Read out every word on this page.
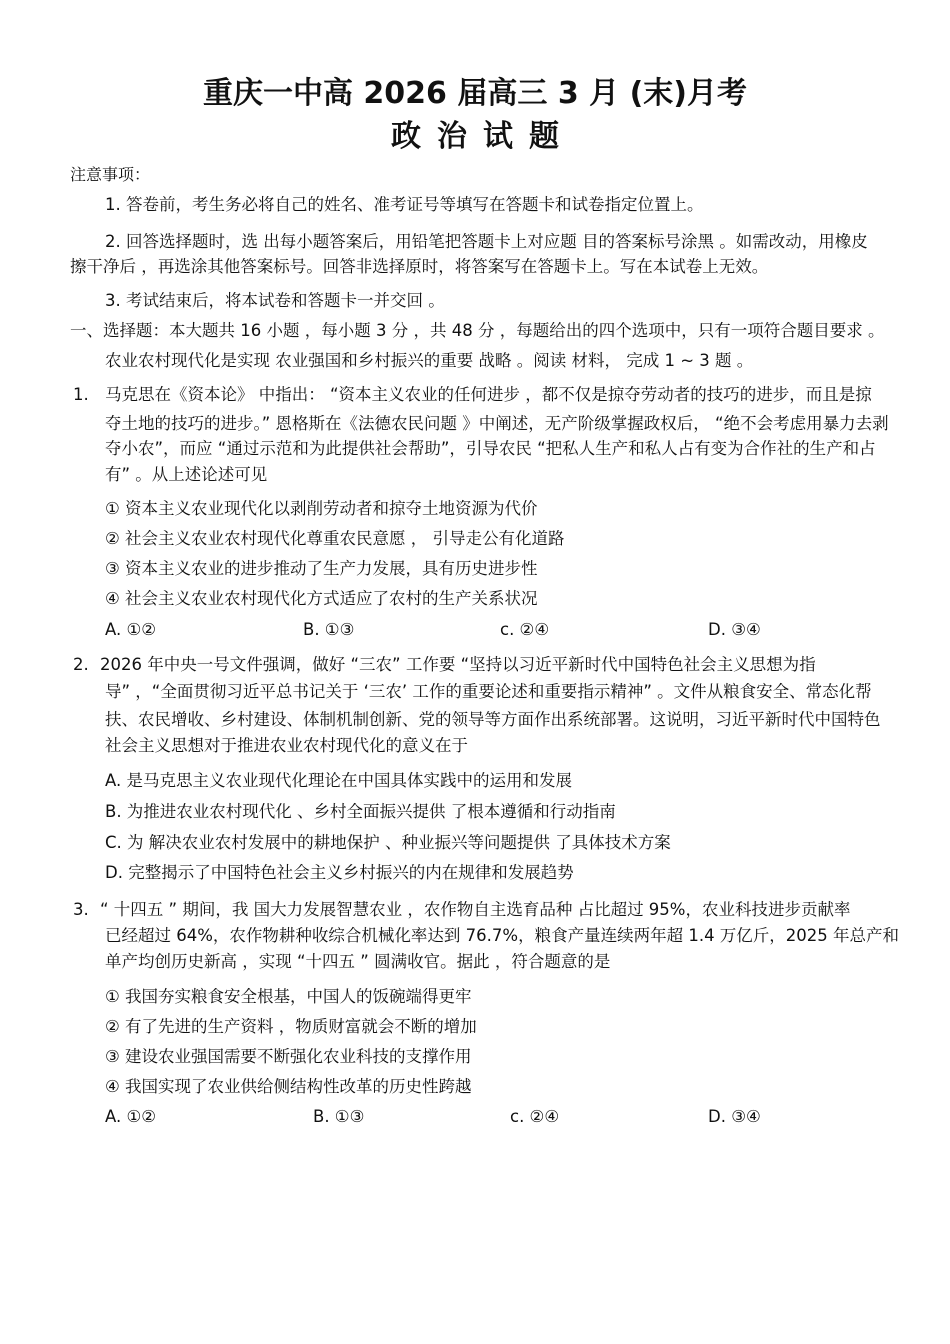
重庆一中高 2026 届高三 3 月 (末)月考
政治试题
注意事项：
1. 答卷前，考生务必将自己的姓名、准考证号等填写在答题卡和试卷指定位置上。
2. 回答选择题时，选 出每小题答案后，用铅笔把答题卡上对应题 目的答案标号涂黑 。如需改动，用橡皮
擦干净后 ，再选涂其他答案标号。回答非选择原时，将答案写在答题卡上。写在本试卷上无效。
3. 考试结束后，将本试卷和答题卡一并交回 。
一、选择题：本大题共 16 小题 ，每小题 3 分 ，共 48 分 ，每题给出的四个选项中，只有一项符合题目要求 。
农业农村现代化是实现 农业强国和乡村振兴的重要 战略 。阅读 材料， 完成 1 ~ 3 题 。
1. 马克思在《资本论》 中指出： “资本主义农业的任何进步 ，都不仅是掠夺劳动者的技巧的进步，而且是掠
夺土地的技巧的进步。” 恩格斯在《法德农民问题 》中阐述，无产阶级掌握政权后， “绝不会考虑用暴力去剥
夺小农”，而应 “通过示范和为此提供社会帮助”，引导农民 “把私人生产和私人占有变为合作社的生产和占
有” 。从上述论述可见
① 资本主义农业现代化以剥削劳动者和掠夺土地资源为代价
② 社会主义农业农村现代化尊重农民意愿 ， 引导走公有化道路
③ 资本主义农业的进步推动了生产力发展，具有历史进步性
④ 社会主义农业农村现代化方式适应了农村的生产关系状况
A. ①②	B. ①③	c. ②④	D. ③④
2. 2026 年中央一号文件强调，做好 “三农” 工作要 “坚持以习近平新时代中国特色社会主义思想为指
导” ，“全面贯彻习近平总书记关于 ‘三农’ 工作的重要论述和重要指示精神” 。文件从粮食安全、常态化帮
扶、农民增收、乡村建设、体制机制创新、党的领导等方面作出系统部署。这说明，习近平新时代中国特色
社会主义思想对于推进农业农村现代化的意义在于
A. 是马克思主义农业现代化理论在中国具体实践中的运用和发展
B. 为推进农业农村现代化 、乡村全面振兴提供 了根本遵循和行动指南
C. 为 解决农业农村发展中的耕地保护 、种业振兴等问题提供 了具体技术方案
D. 完整揭示了中国特色社会主义乡村振兴的内在规律和发展趋势
3. “ 十四五 ” 期间，我 国大力发展智慧农业 ，农作物自主选育品种 占比超过 95%，农业科技进步贡献率
已经超过 64%，农作物耕种收综合机械化率达到 76.7%，粮食产量连续两年超 1.4 万亿斤，2025 年总产和
单产均创历史新高 ，实现 “十四五 ” 圆满收官。据此 ，符合题意的是
① 我国夯实粮食安全根基，中国人的饭碗端得更牢
② 有了先进的生产资料 ，物质财富就会不断的增加
③ 建设农业强国需要不断强化农业科技的支撑作用
④ 我国实现了农业供给侧结构性改革的历史性跨越
A. ①②	B. ①③	c. ②④	D. ③④
